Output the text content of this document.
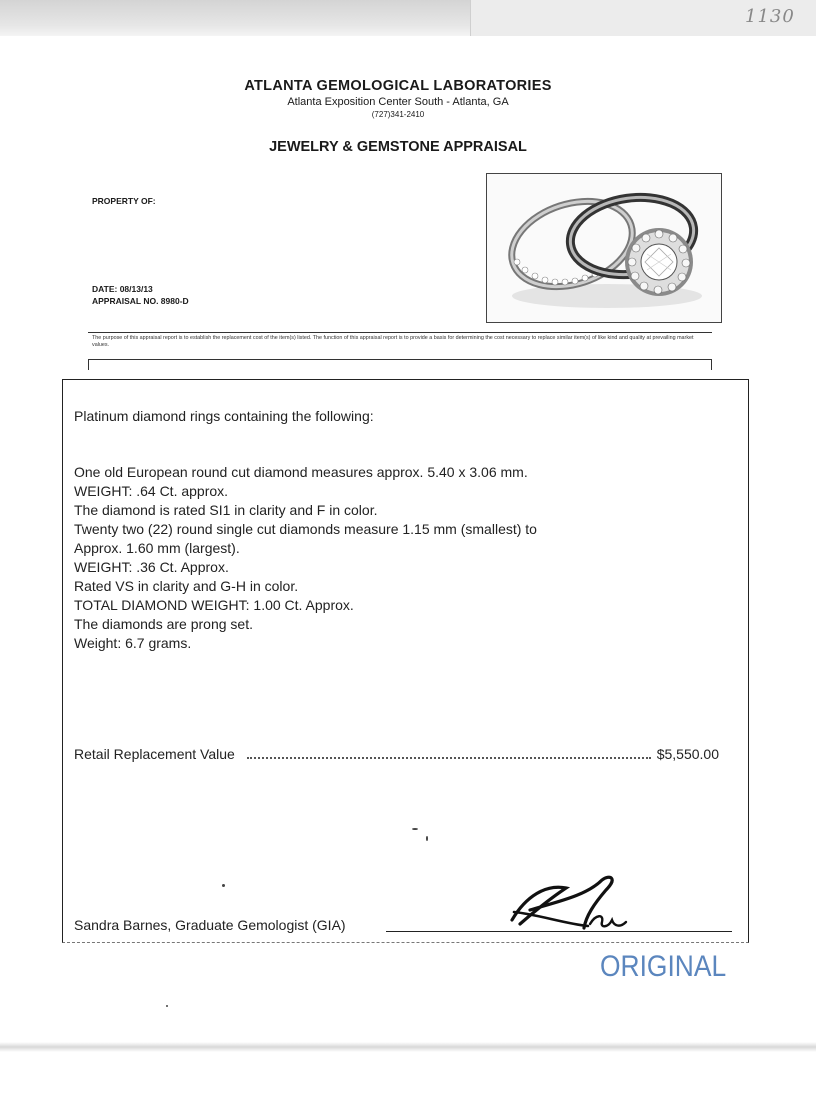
1130
ATLANTA GEMOLOGICAL LABORATORIES
Atlanta Exposition Center South - Atlanta, GA
(727)341-2410
JEWELRY & GEMSTONE APPRAISAL
PROPERTY OF:
DATE: 08/13/13
APPRAISAL NO. 8980-D
The purpose of this appraisal report is to establish the replacement cost of the item(s) listed. The function of this appraisal report is to provide a basis for determining the cost necessary to replace similar item(s) of like kind and quality at prevailing market values.
Platinum diamond rings containing the following:
One old European round cut diamond measures approx. 5.40 x 3.06 mm.
WEIGHT: .64 Ct. approx.
The diamond is rated SI1 in clarity and F in color.
Twenty two (22) round single cut diamonds measure 1.15 mm (smallest) to
Approx. 1.60 mm (largest).
WEIGHT: .36 Ct. Approx.
Rated VS in clarity and G-H in color.
TOTAL DIAMOND WEIGHT: 1.00 Ct. Approx.
The diamonds are prong set.
Weight: 6.7 grams.
Retail Replacement Value	$5,550.00
Sandra Barnes, Graduate Gemologist (GIA)
ORIGINAL
